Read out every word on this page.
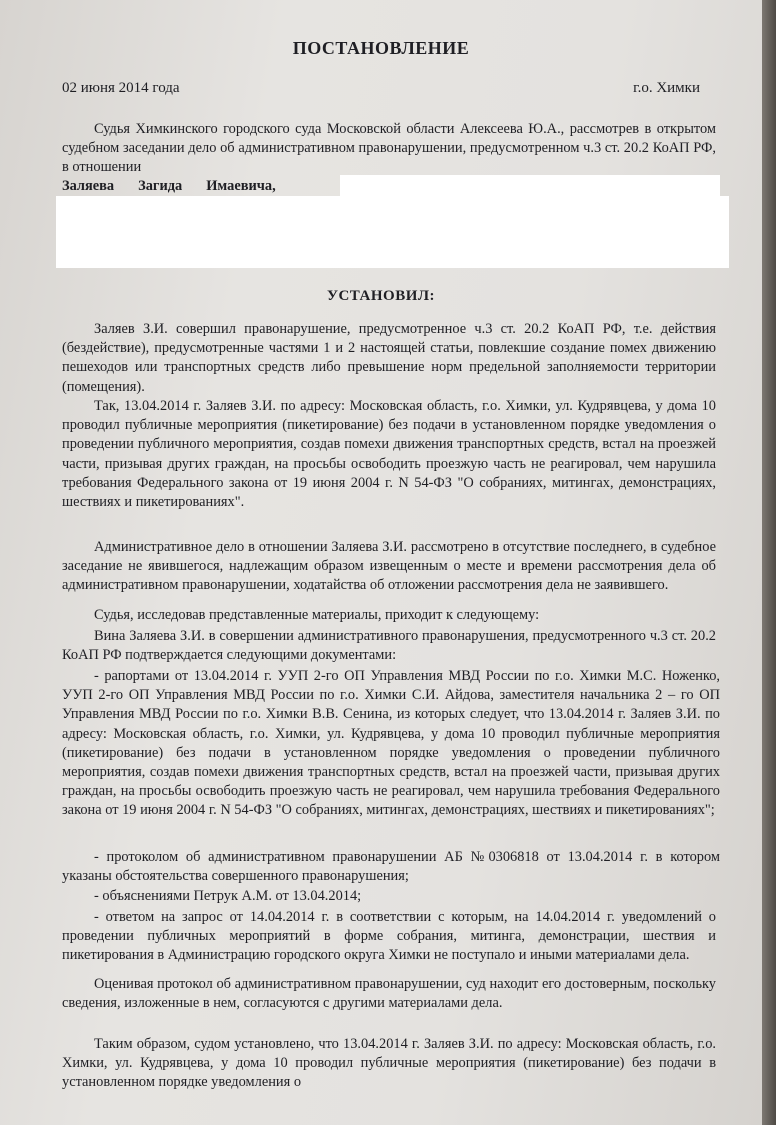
ПОСТАНОВЛЕНИЕ
02 июня 2014 года	г.о. Химки

Судья Химкинского городского суда Московской области Алексеева Ю.А., рассмотрев в открытом судебном заседании дело об административном правонарушении, предусмотренном ч.3 ст. 20.2 КоАП РФ, в отношении

Заляева Загида Имаевича,
УСТАНОВИЛ:

Заляев З.И. совершил правонарушение, предусмотренное ч.3 ст. 20.2 КоАП РФ, т.е. действия (бездействие), предусмотренные частями 1 и 2 настоящей статьи, повлекшие создание помех движению пешеходов или транспортных средств либо превышение норм предельной заполняемости территории (помещения).

Так, 13.04.2014 г. Заляев З.И. по адресу: Московская область, г.о. Химки, ул. Кудрявцева, у дома 10 проводил публичные мероприятия (пикетирование) без подачи в установленном порядке уведомления о проведении публичного мероприятия, создав помехи движения транспортных средств, встал на проезжей части, призывая других граждан, на просьбы освободить проезжую часть не реагировал, чем нарушила требования Федерального закона от 19 июня 2004 г. N 54-ФЗ "О собраниях, митингах, демонстрациях, шествиях и пикетированиях".

Административное дело в отношении Заляева З.И. рассмотрено в отсутствие последнего, в судебное заседание не явившегося, надлежащим образом извещенным о месте и времени рассмотрения дела об административном правонарушении, ходатайства об отложении рассмотрения дела не заявившего.

Судья, исследовав представленные материалы, приходит к следующему:

Вина Заляева З.И. в совершении административного правонарушения, предусмотренного ч.3 ст. 20.2 КоАП РФ подтверждается следующими документами:

- рапортами от 13.04.2014 г. УУП 2-го ОП Управления МВД России по г.о. Химки М.С. Ноженко, УУП 2-го ОП Управления МВД России по г.о. Химки С.И. Айдова, заместителя начальника 2 – го ОП Управления МВД России по г.о. Химки В.В. Сенина, из которых следует, что 13.04.2014 г. Заляев З.И. по адресу: Московская область, г.о. Химки, ул. Кудрявцева, у дома 10 проводил публичные мероприятия (пикетирование) без подачи в установленном порядке уведомления о проведении публичного мероприятия, создав помехи движения транспортных средств, встал на проезжей части, призывая других граждан, на просьбы освободить проезжую часть не реагировал, чем нарушила требования Федерального закона от 19 июня 2004 г. N 54-ФЗ "О собраниях, митингах, демонстрациях, шествиях и пикетированиях";

- протоколом об административном правонарушении АБ №0306818 от 13.04.2014 г. в котором указаны обстоятельства совершенного правонарушения;

- объяснениями Петрук А.М. от 13.04.2014;

- ответом на запрос от 14.04.2014 г. в соответствии с которым, на 14.04.2014 г. уведомлений о проведении публичных мероприятий в форме собрания, митинга, демонстрации, шествия и пикетирования в Администрацию городского округа Химки не поступало и иными материалами дела.

Оценивая протокол об административном правонарушении, суд находит его достоверным, поскольку сведения, изложенные в нем, согласуются с другими материалами дела.

Таким образом, судом установлено, что 13.04.2014 г. Заляев З.И. по адресу: Московская область, г.о. Химки, ул. Кудрявцева, у дома 10 проводил публичные мероприятия (пикетирование) без подачи в установленном порядке уведомления о
